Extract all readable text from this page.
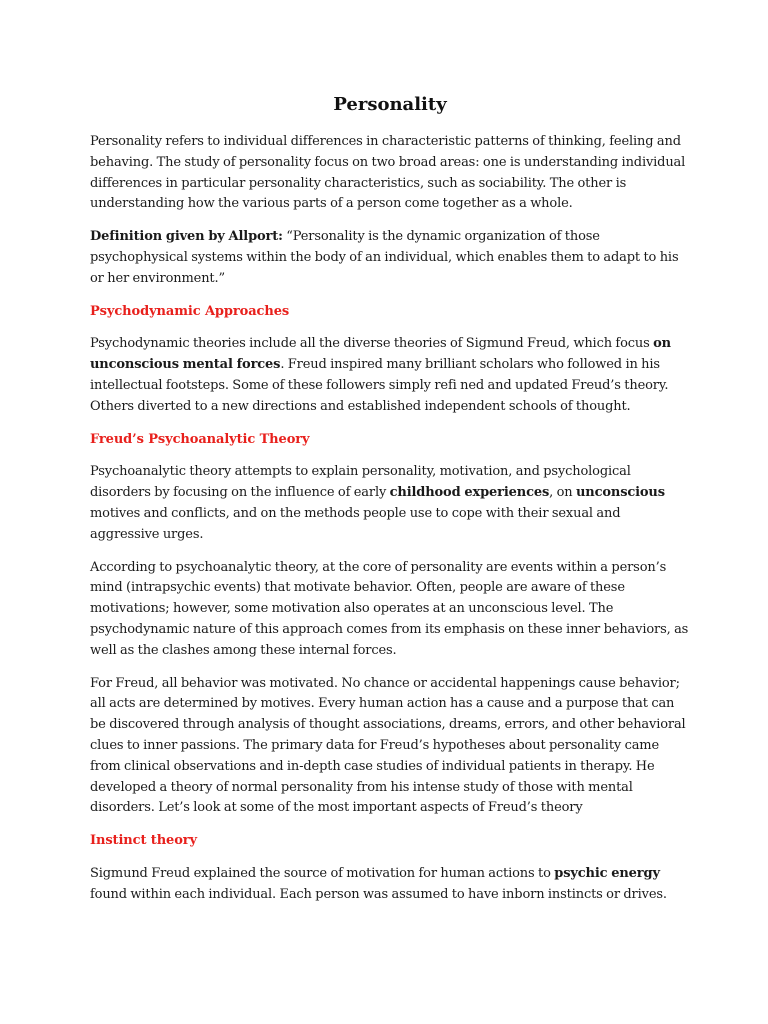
Personality

Personality refers to individual differences in characteristic patterns of thinking, feeling and behaving. The study of personality focus on two broad areas: one is understanding individual differences in particular personality characteristics, such as sociability. The other is understanding how the various parts of a person come together as a whole.

Definition given by Allport: “Personality is the dynamic organization of those psychophysical systems within the body of an individual, which enables them to adapt to his or her environment.”

Psychodynamic Approaches

Psychodynamic theories include all the diverse theories of Sigmund Freud, which focus on unconscious mental forces. Freud inspired many brilliant scholars who followed in his intellectual footsteps. Some of these followers simply refi ned and updated Freud’s theory. Others diverted to a new directions and established independent schools of thought.

Freud’s Psychoanalytic Theory

Psychoanalytic theory attempts to explain personality, motivation, and psychological disorders by focusing on the influence of early childhood experiences, on unconscious motives and conflicts, and on the methods people use to cope with their sexual and aggressive urges.

According to psychoanalytic theory, at the core of personality are events within a person’s mind (intrapsychic events) that motivate behavior. Often, people are aware of these motivations; however, some motivation also operates at an unconscious level. The psychodynamic nature of this approach comes from its emphasis on these inner behaviors, as well as the clashes among these internal forces.

For Freud, all behavior was motivated. No chance or accidental happenings cause behavior; all acts are determined by motives. Every human action has a cause and a purpose that can be discovered through analysis of thought associations, dreams, errors, and other behavioral clues to inner passions. The primary data for Freud’s hypotheses about personality came from clinical observations and in-depth case studies of individual patients in therapy. He developed a theory of normal personality from his intense study of those with mental disorders. Let’s look at some of the most important aspects of Freud’s theory

Instinct theory

Sigmund Freud explained the source of motivation for human actions to psychic energy found within each individual. Each person was assumed to have inborn instincts or drives.
